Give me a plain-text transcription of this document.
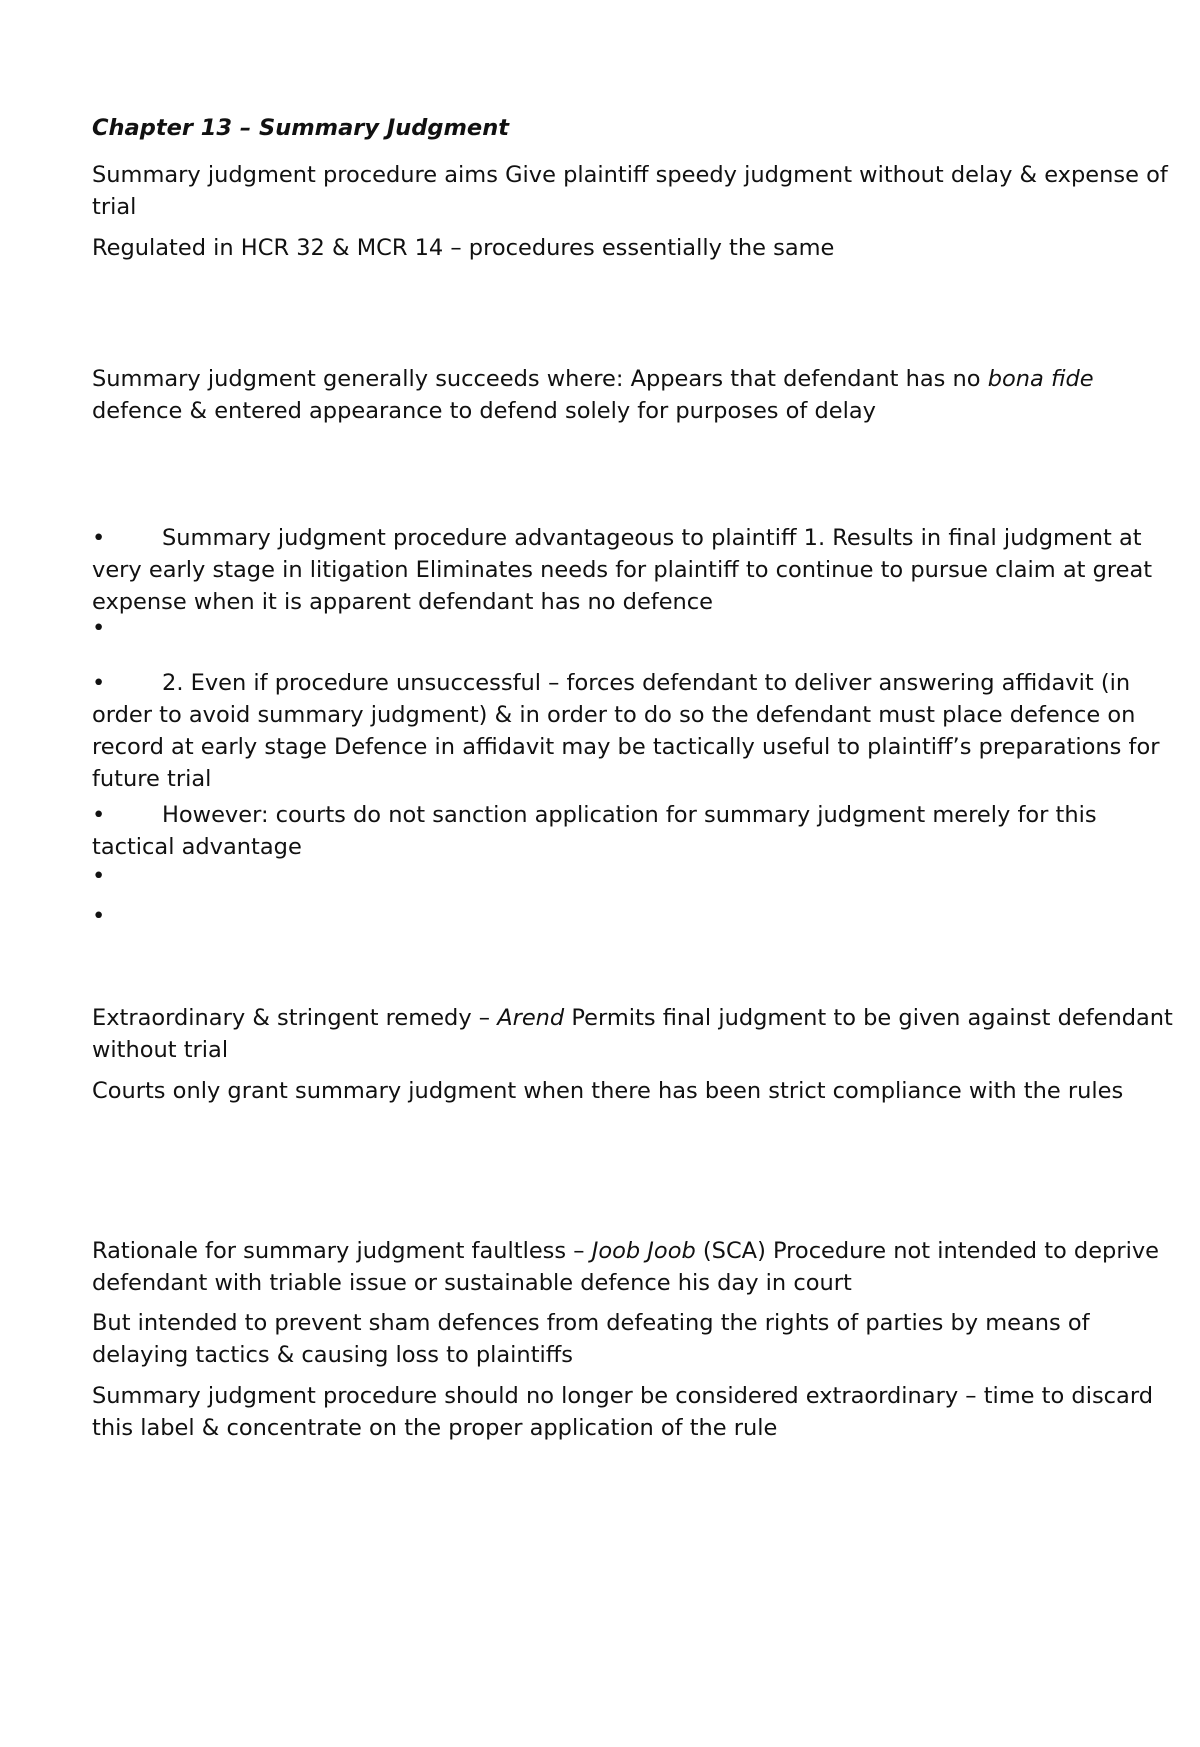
Chapter 13 – Summary Judgment

Summary judgment procedure aims Give plaintiff speedy judgment without delay & expense of trial

Regulated in HCR 32 & MCR 14 – procedures essentially the same

Summary judgment generally succeeds where: Appears that defendant has no bona fide defence & entered appearance to defend solely for purposes of delay

•	Summary judgment procedure advantageous to plaintiff 1. Results in final judgment at very early stage in litigation Eliminates needs for plaintiff to continue to pursue claim at great expense when it is apparent defendant has no defence

•

•	2. Even if procedure unsuccessful – forces defendant to deliver answering affidavit (in order to avoid summary judgment) & in order to do so the defendant must place defence on record at early stage Defence in affidavit may be tactically useful to plaintiff’s preparations for future trial

•	However: courts do not sanction application for summary judgment merely for this tactical advantage

•

•

Extraordinary & stringent remedy – Arend Permits final judgment to be given against defendant without trial

Courts only grant summary judgment when there has been strict compliance with the rules

Rationale for summary judgment faultless – Joob Joob (SCA) Procedure not intended to deprive defendant with triable issue or sustainable defence his day in court

But intended to prevent sham defences from defeating the rights of parties by means of delaying tactics & causing loss to plaintiffs

Summary judgment procedure should no longer be considered extraordinary – time to discard this label & concentrate on the proper application of the rule
